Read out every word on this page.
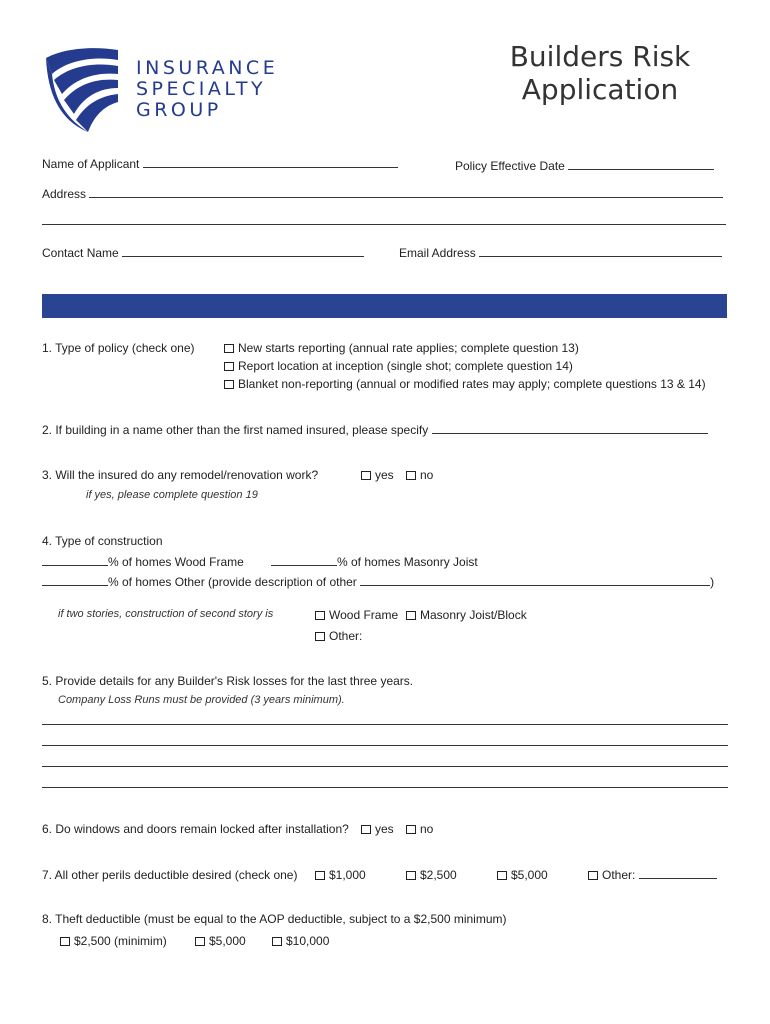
INSURANCE
SPECIALTY
GROUP
Builders Risk
Application
Name of Applicant	Policy Effective Date
Address
Contact Name	Email Address
1. Type of policy (check one)	New starts reporting (annual rate applies; complete question 13)
Report location at inception (single shot; complete question 14)
Blanket non-reporting (annual or modified rates may apply; complete questions 13 & 14)
2. If building in a name other than the first named insured, please specify
3. Will the insured do any remodel/renovation work?	yes	no
if yes, please complete question 19
4. Type of construction
% of homes Wood Frame	% of homes Masonry Joist
% of homes Other (provide description of other	)
if two stories, construction of second story is	Wood Frame	Masonry Joist/Block
Other:
5. Provide details for any Builder's Risk losses for the last three years.
Company Loss Runs must be provided (3 years minimum).
6. Do windows and doors remain locked after installation?	yes	no
7. All other perils deductible desired (check one)	$1,000	$2,500	$5,000	Other:
8. Theft deductible (must be equal to the AOP deductible, subject to a $2,500 minimum)
$2,500 (minimim)	$5,000	$10,000
